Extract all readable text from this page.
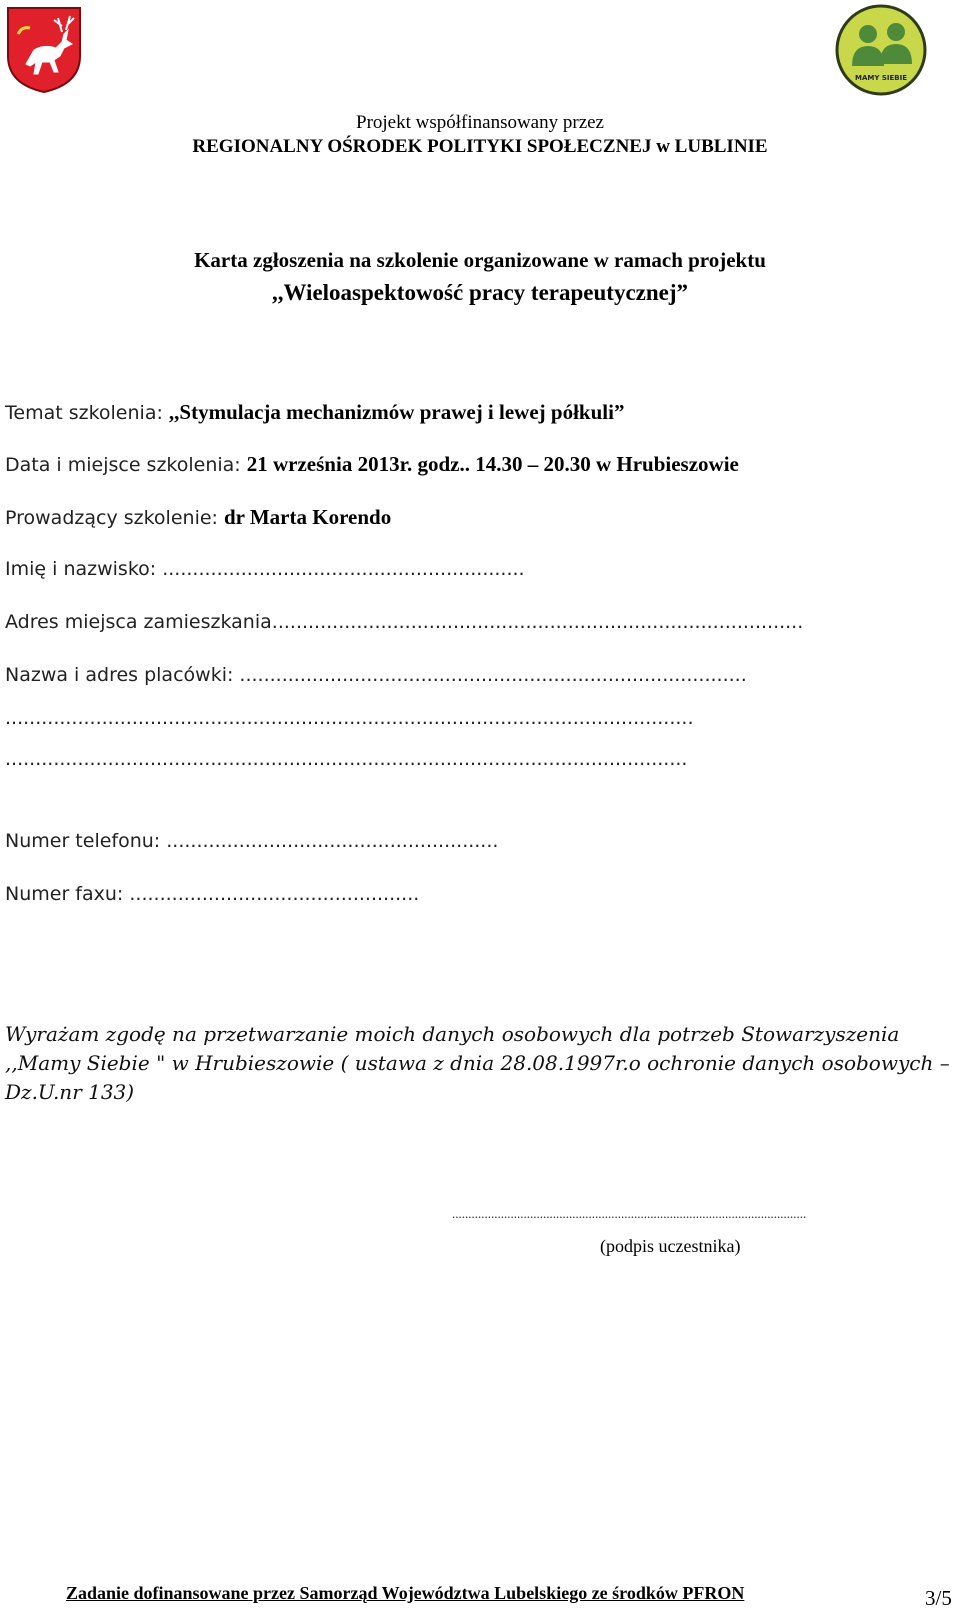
MAMY SIEBIE
Projekt współfinansowany przez
REGIONALNY OŚRODEK POLITYKI SPOŁECZNEJ w LUBLINIE
Karta zgłoszenia na szkolenie organizowane w ramach projektu
,,Wieloaspektowość pracy terapeutycznej”
Temat szkolenia: ,,Stymulacja mechanizmów prawej i lewej półkuli”
Data i miejsce szkolenia: 21 września 2013r. godz.. 14.30 – 20.30 w Hrubieszowie
Prowadzący szkolenie: dr Marta Korendo
Imię i nazwisko: ............................................................
Adres miejsca zamieszkania........................................................................................
Nazwa i adres placówki: ....................................................................................
..................................................................................................................
.................................................................................................................
Numer telefonu: .......................................................
Numer faxu: ................................................
Wyrażam zgodę na przetwarzanie moich danych osobowych dla potrzeb Stowarzyszenia ,,Mamy Siebie " w Hrubieszowie ( ustawa z dnia 28.08.1997r.o ochronie danych osobowych – Dz.U.nr 133)
.............................................................................................................
(podpis uczestnika)
Zadanie dofinansowane przez Samorząd Województwa Lubelskiego ze środków PFRON	3/5
